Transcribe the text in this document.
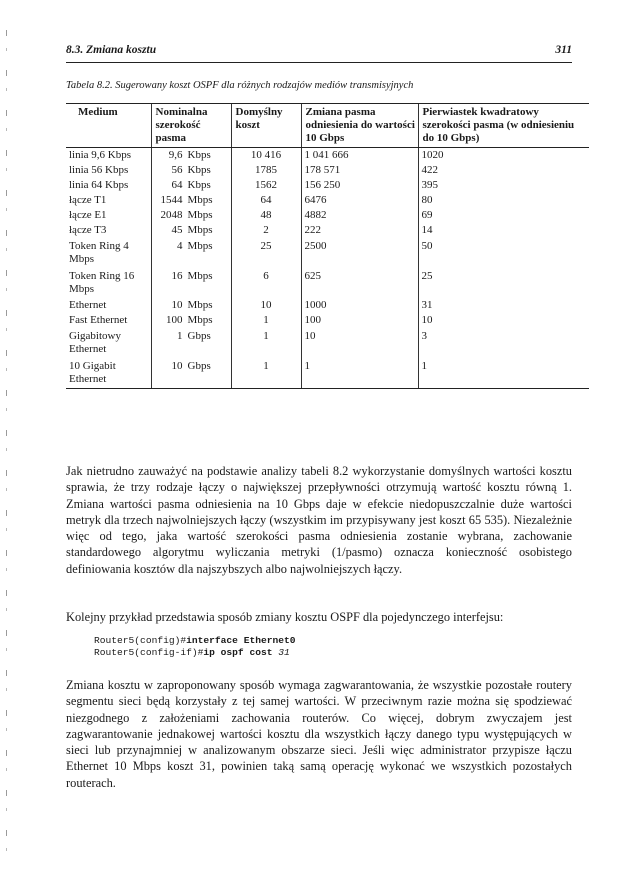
8.3. Zmiana kosztu	311
Tabela 8.2. Sugerowany koszt OSPF dla różnych rodzajów mediów transmisyjnych
Medium	Nominalna szerokość pasma	Domyślny koszt	Zmiana pasma odniesienia do wartości 10 Gbps	Pierwiastek kwadratowy szerokości pasma (w odniesieniu do 10 Gbps)
linia 9,6 Kbps	9,6 Kbps	10 416	1 041 666	1020
linia 56 Kbps	56 Kbps	1785	178 571	422
linia 64 Kbps	64 Kbps	1562	156 250	395
łącze T1	1544 Mbps	64	6476	80
łącze E1	2048 Mbps	48	4882	69
łącze T3	45 Mbps	2	222	14
Token Ring 4 Mbps	4 Mbps	25	2500	50
Token Ring 16 Mbps	16 Mbps	6	625	25
Ethernet	10 Mbps	10	1000	31
Fast Ethernet	100 Mbps	1	100	10
Gigabitowy Ethernet	1 Gbps	1	10	3
10 Gigabit Ethernet	10 Gbps	1	1	1

Jak nietrudno zauważyć na podstawie analizy tabeli 8.2 wykorzystanie domyślnych wartości kosztu sprawia, że trzy rodzaje łączy o największej przepływności otrzymują wartość kosztu równą 1. Zmiana wartości pasma odniesienia na 10 Gbps daje w efekcie niedopuszczalnie duże wartości metryk dla trzech najwolniejszych łączy (wszystkim im przypisywany jest koszt 65 535). Niezależnie więc od tego, jaka wartość szerokości pasma odniesienia zostanie wybrana, zachowanie standardowego algorytmu wyliczania metryki (1/pasmo) oznacza konieczność osobistego definiowania kosztów dla najszybszych albo najwolniejszych łączy.

Kolejny przykład przedstawia sposób zmiany kosztu OSPF dla pojedynczego interfejsu:

Router5(config)#interface Ethernet0
Router5(config-if)#ip ospf cost 31

Zmiana kosztu w zaproponowany sposób wymaga zagwarantowania, że wszystkie pozostałe routery segmentu sieci będą korzystały z tej samej wartości. W przeciwnym razie można się spodziewać niezgodnego z założeniami zachowania routerów. Co więcej, dobrym zwyczajem jest zagwarantowanie jednakowej wartości kosztu dla wszystkich łączy danego typu występujących w sieci lub przynajmniej w analizowanym obszarze sieci. Jeśli więc administrator przypisze łączu Ethernet 10 Mbps koszt 31, powinien taką samą operację wykonać we wszystkich pozostałych routerach.
